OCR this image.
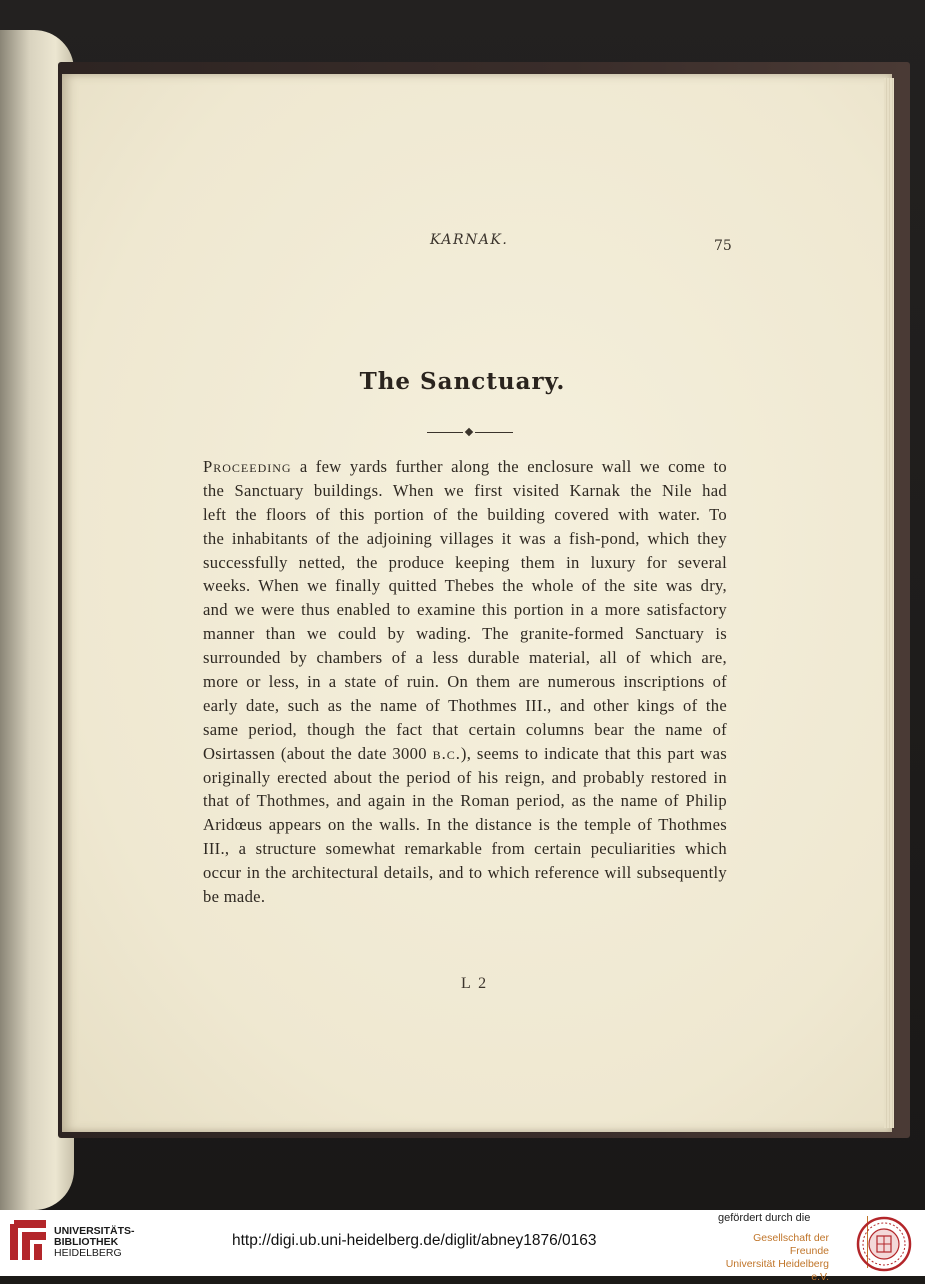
KARNAK.	75
The Sanctuary.
Proceeding a few yards further along the enclosure wall we come to
the Sanctuary buildings. When we first visited Karnak the Nile had
left the floors of this portion of the building covered with water. To
the inhabitants of the adjoining villages it was a fish-pond, which they
successfully netted, the produce keeping them in luxury for several
weeks. When we finally quitted Thebes the whole of the site was dry,
and we were thus enabled to examine this portion in a more satisfactory
manner than we could by wading. The granite-formed Sanctuary is
surrounded by chambers of a less durable material, all of which are,
more or less, in a state of ruin. On them are numerous inscriptions of
early date, such as the name of Thothmes III., and other kings of the
same period, though the fact that certain columns bear the name of
Osirtassen (about the date 3000 b.c.), seems to indicate that this part was
originally erected about the period of his reign, and probably restored in
that of Thothmes, and again in the Roman period, as the name of Philip
Aridœus appears on the walls. In the distance is the temple of Thothmes
III., a structure somewhat remarkable from certain peculiarities which
occur in the architectural details, and to which reference will subsequently
be made.
L 2
UNIVERSITÄTS-
BIBLIOTHEK
HEIDELBERG
http://digi.ub.uni-heidelberg.de/diglit/abney1876/0163
gefördert durch die
Gesellschaft der Freunde
Universität Heidelberg e.V.
